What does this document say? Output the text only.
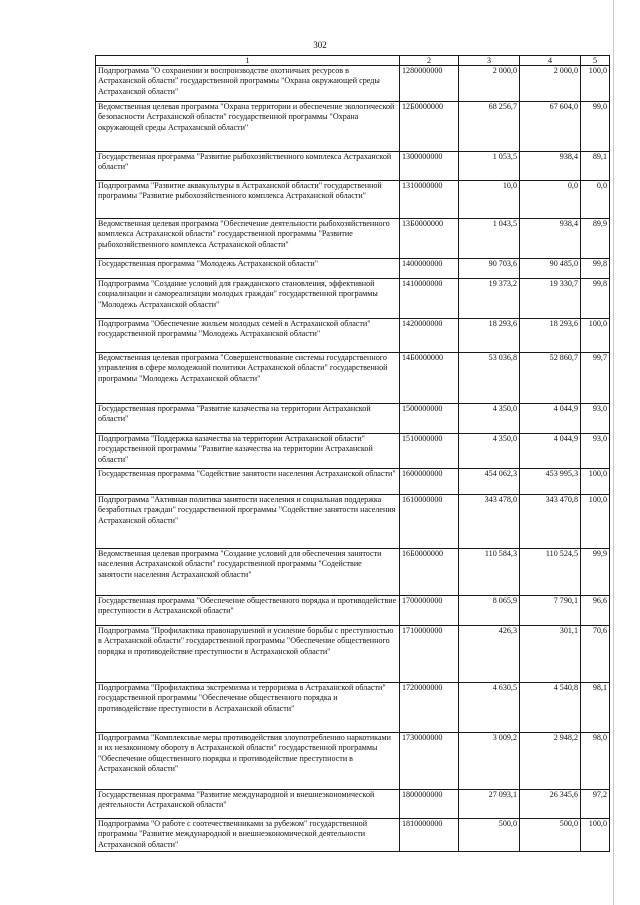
302
1	2	3	4	5
Подпрограмма "О сохранении и воспроизводстве охотничьих ресурсов в Астраханской области" государственной программы "Охрана окружающей среды Астраханской области"	1280000000	2 000,0	2 000,0	100,0
Ведомственная целевая программа "Охрана территории и обеспечение экологической безопасности Астраханской области" государственной программы "Охрана окружающей среды Астраханской области"	12Б0000000	68 256,7	67 604,0	99,0
Государственная программа "Развитие рыбохозяйственного комплекса Астраханской области"	1300000000	1 053,5	938,4	89,1
Подпрограмма "Развитие аквакультуры в Астраханской области" государственной программы "Развитие рыбохозяйственного комплекса Астраханской области"	1310000000	10,0	0,0	0,0
Ведомственная целевая программа "Обеспечение деятельности рыбохозяйственного комплекса Астраханской области" государственной программы "Развитие рыбохозяйственного комплекса Астраханской области"	13Б0000000	1 043,5	938,4	89,9
Государственная программа "Молодежь Астраханской области"	1400000000	90 703,6	90 485,0	99,8
Подпрограмма "Создание условий для гражданского становления, эффективной социализации и самореализации молодых граждан" государственной программы "Молодежь Астраханской области"	1410000000	19 373,2	19 330,7	99,8
Подпрограмма "Обеспечение жильем молодых семей в Астраханской области" государственной программы "Молодежь Астраханской области"	1420000000	18 293,6	18 293,6	100,0
Ведомственная целевая программа "Совершенствование системы государственного управления в сфере молодежной политики Астраханской области" государственной программы "Молодежь Астраханской области"	14Б0000000	53 036,8	52 860,7	99,7
Государственная программа "Развитие казачества на территории Астраханской области"	1500000000	4 350,0	4 044,9	93,0
Подпрограмма "Поддержка казачества на территории Астраханской области" государственной программы "Развитие казачества на территории Астраханской области"	1510000000	4 350,0	4 044,9	93,0
Государственная программа "Содействие занятости населения Астраханской области"	1600000000	454 062,3	453 995,3	100,0
Подпрограмма "Активная политика занятости населения и социальная поддержка безработных граждан" государственной программы "Содействие занятости населения Астраханской области"	1610000000	343 478,0	343 470,8	100,0
Ведомственная целевая программа "Создание условий для обеспечения занятости населения Астраханской области" государственной программы "Содействие занятости населения Астраханской области"	16Б0000000	110 584,3	110 524,5	99,9
Государственная программа "Обеспечение общественного порядка и противодействие преступности в Астраханской области"	1700000000	8 065,9	7 790,1	96,6
Подпрограмма "Профилактика правонарушений и усиление борьбы с преступностью в Астраханской области" государственной программы "Обеспечение общественного порядка и противодействие преступности в Астраханской области"	1710000000	426,3	301,1	70,6
Подпрограмма "Профилактика экстремизма и терроризма в Астраханской области" государственной программы "Обеспечение общественного порядка и противодействие преступности в Астраханской области"	1720000000	4 630,5	4 540,8	98,1
Подпрограмма "Комплексные меры противодействия злоупотреблению наркотиками и их незаконному обороту в Астраханской области" государственной программы "Обеспечение общественного порядка и противодействие преступности в Астраханской области"	1730000000	3 009,2	2 948,2	98,0
Государственная программа "Развитие международной и внешнеэкономической деятельности Астраханской области"	1800000000	27 093,1	26 345,6	97,2
Подпрограмма "О работе с соотечественниками за рубежом" государственной программы "Развитие международной и внешнеэкономической деятельности Астраханской области"	1810000000	500,0	500,0	100,0
